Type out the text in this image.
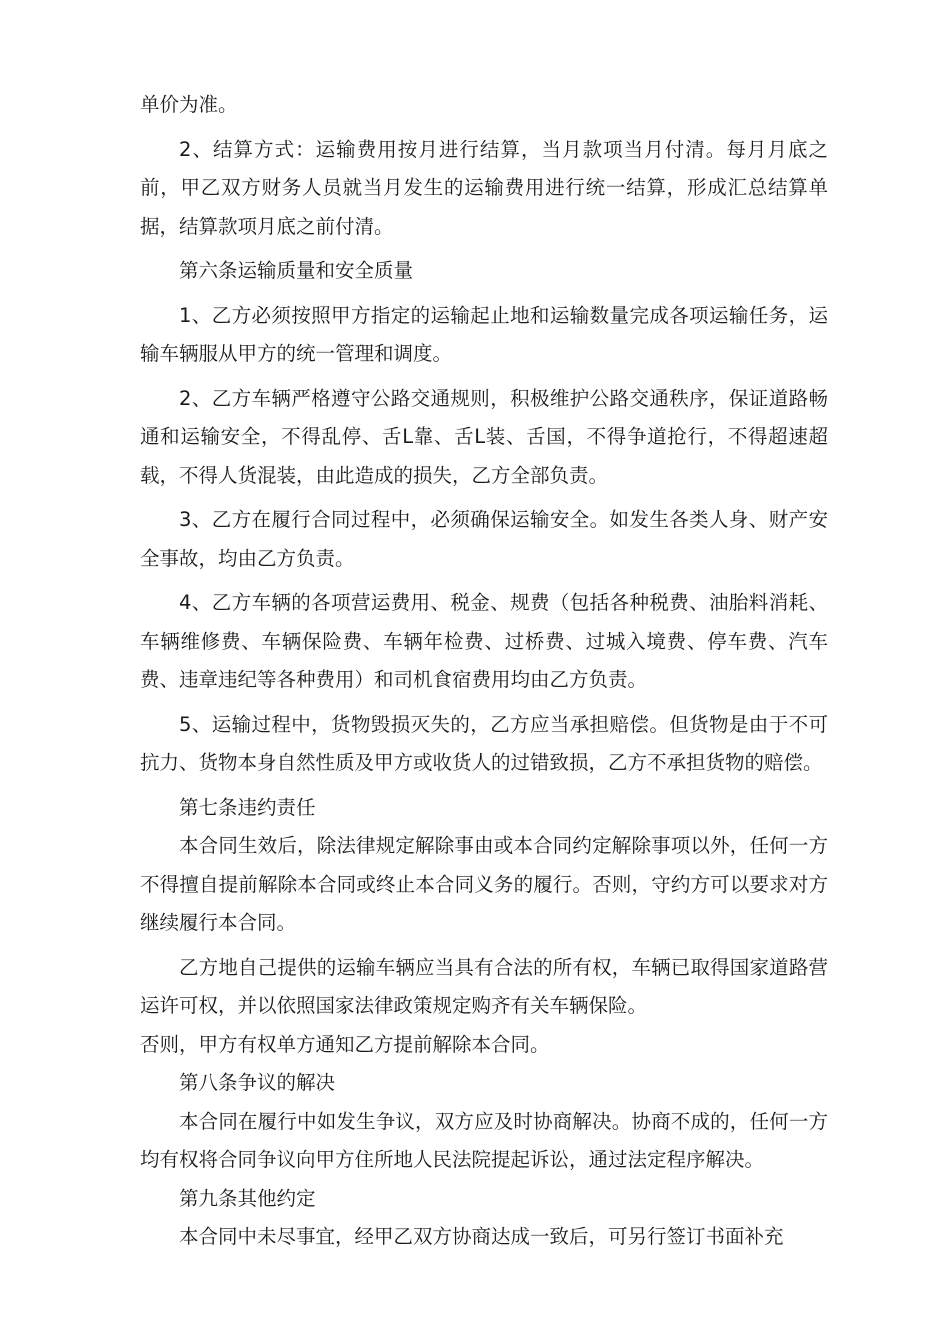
单价为准。

2、结算方式：运输费用按月进行结算，当月款项当月付清。每月月底之前，甲乙双方财务人员就当月发生的运输费用进行统一结算，形成汇总结算单据，结算款项月底之前付清。

第六条运输质量和安全质量

1、乙方必须按照甲方指定的运输起止地和运输数量完成各项运输任务，运输车辆服从甲方的统一管理和调度。

2、乙方车辆严格遵守公路交通规则，积极维护公路交通秩序，保证道路畅通和运输安全，不得乱停、舌L靠、舌L装、舌国，不得争道抢行，不得超速超载，不得人货混装，由此造成的损失，乙方全部负责。

3、乙方在履行合同过程中，必须确保运输安全。如发生各类人身、财产安全事故，均由乙方负责。

4、乙方车辆的各项营运费用、税金、规费（包括各种税费、油胎料消耗、车辆维修费、车辆保险费、车辆年检费、过桥费、过城入境费、停车费、汽车费、违章违纪等各种费用）和司机食宿费用均由乙方负责。

5、运输过程中，货物毁损灭失的，乙方应当承担赔偿。但货物是由于不可抗力、货物本身自然性质及甲方或收货人的过错致损，乙方不承担货物的赔偿。

第七条违约责任

本合同生效后，除法律规定解除事由或本合同约定解除事项以外，任何一方不得擅自提前解除本合同或终止本合同义务的履行。否则，守约方可以要求对方继续履行本合同。

乙方地自己提供的运输车辆应当具有合法的所有权，车辆已取得国家道路营运许可权，并以依照国家法律政策规定购齐有关车辆保险。

否则，甲方有权单方通知乙方提前解除本合同。

第八条争议的解决

本合同在履行中如发生争议，双方应及时协商解决。协商不成的，任何一方均有权将合同争议向甲方住所地人民法院提起诉讼，通过法定程序解决。

第九条其他约定

本合同中未尽事宜，经甲乙双方协商达成一致后，可另行签订书面补充
